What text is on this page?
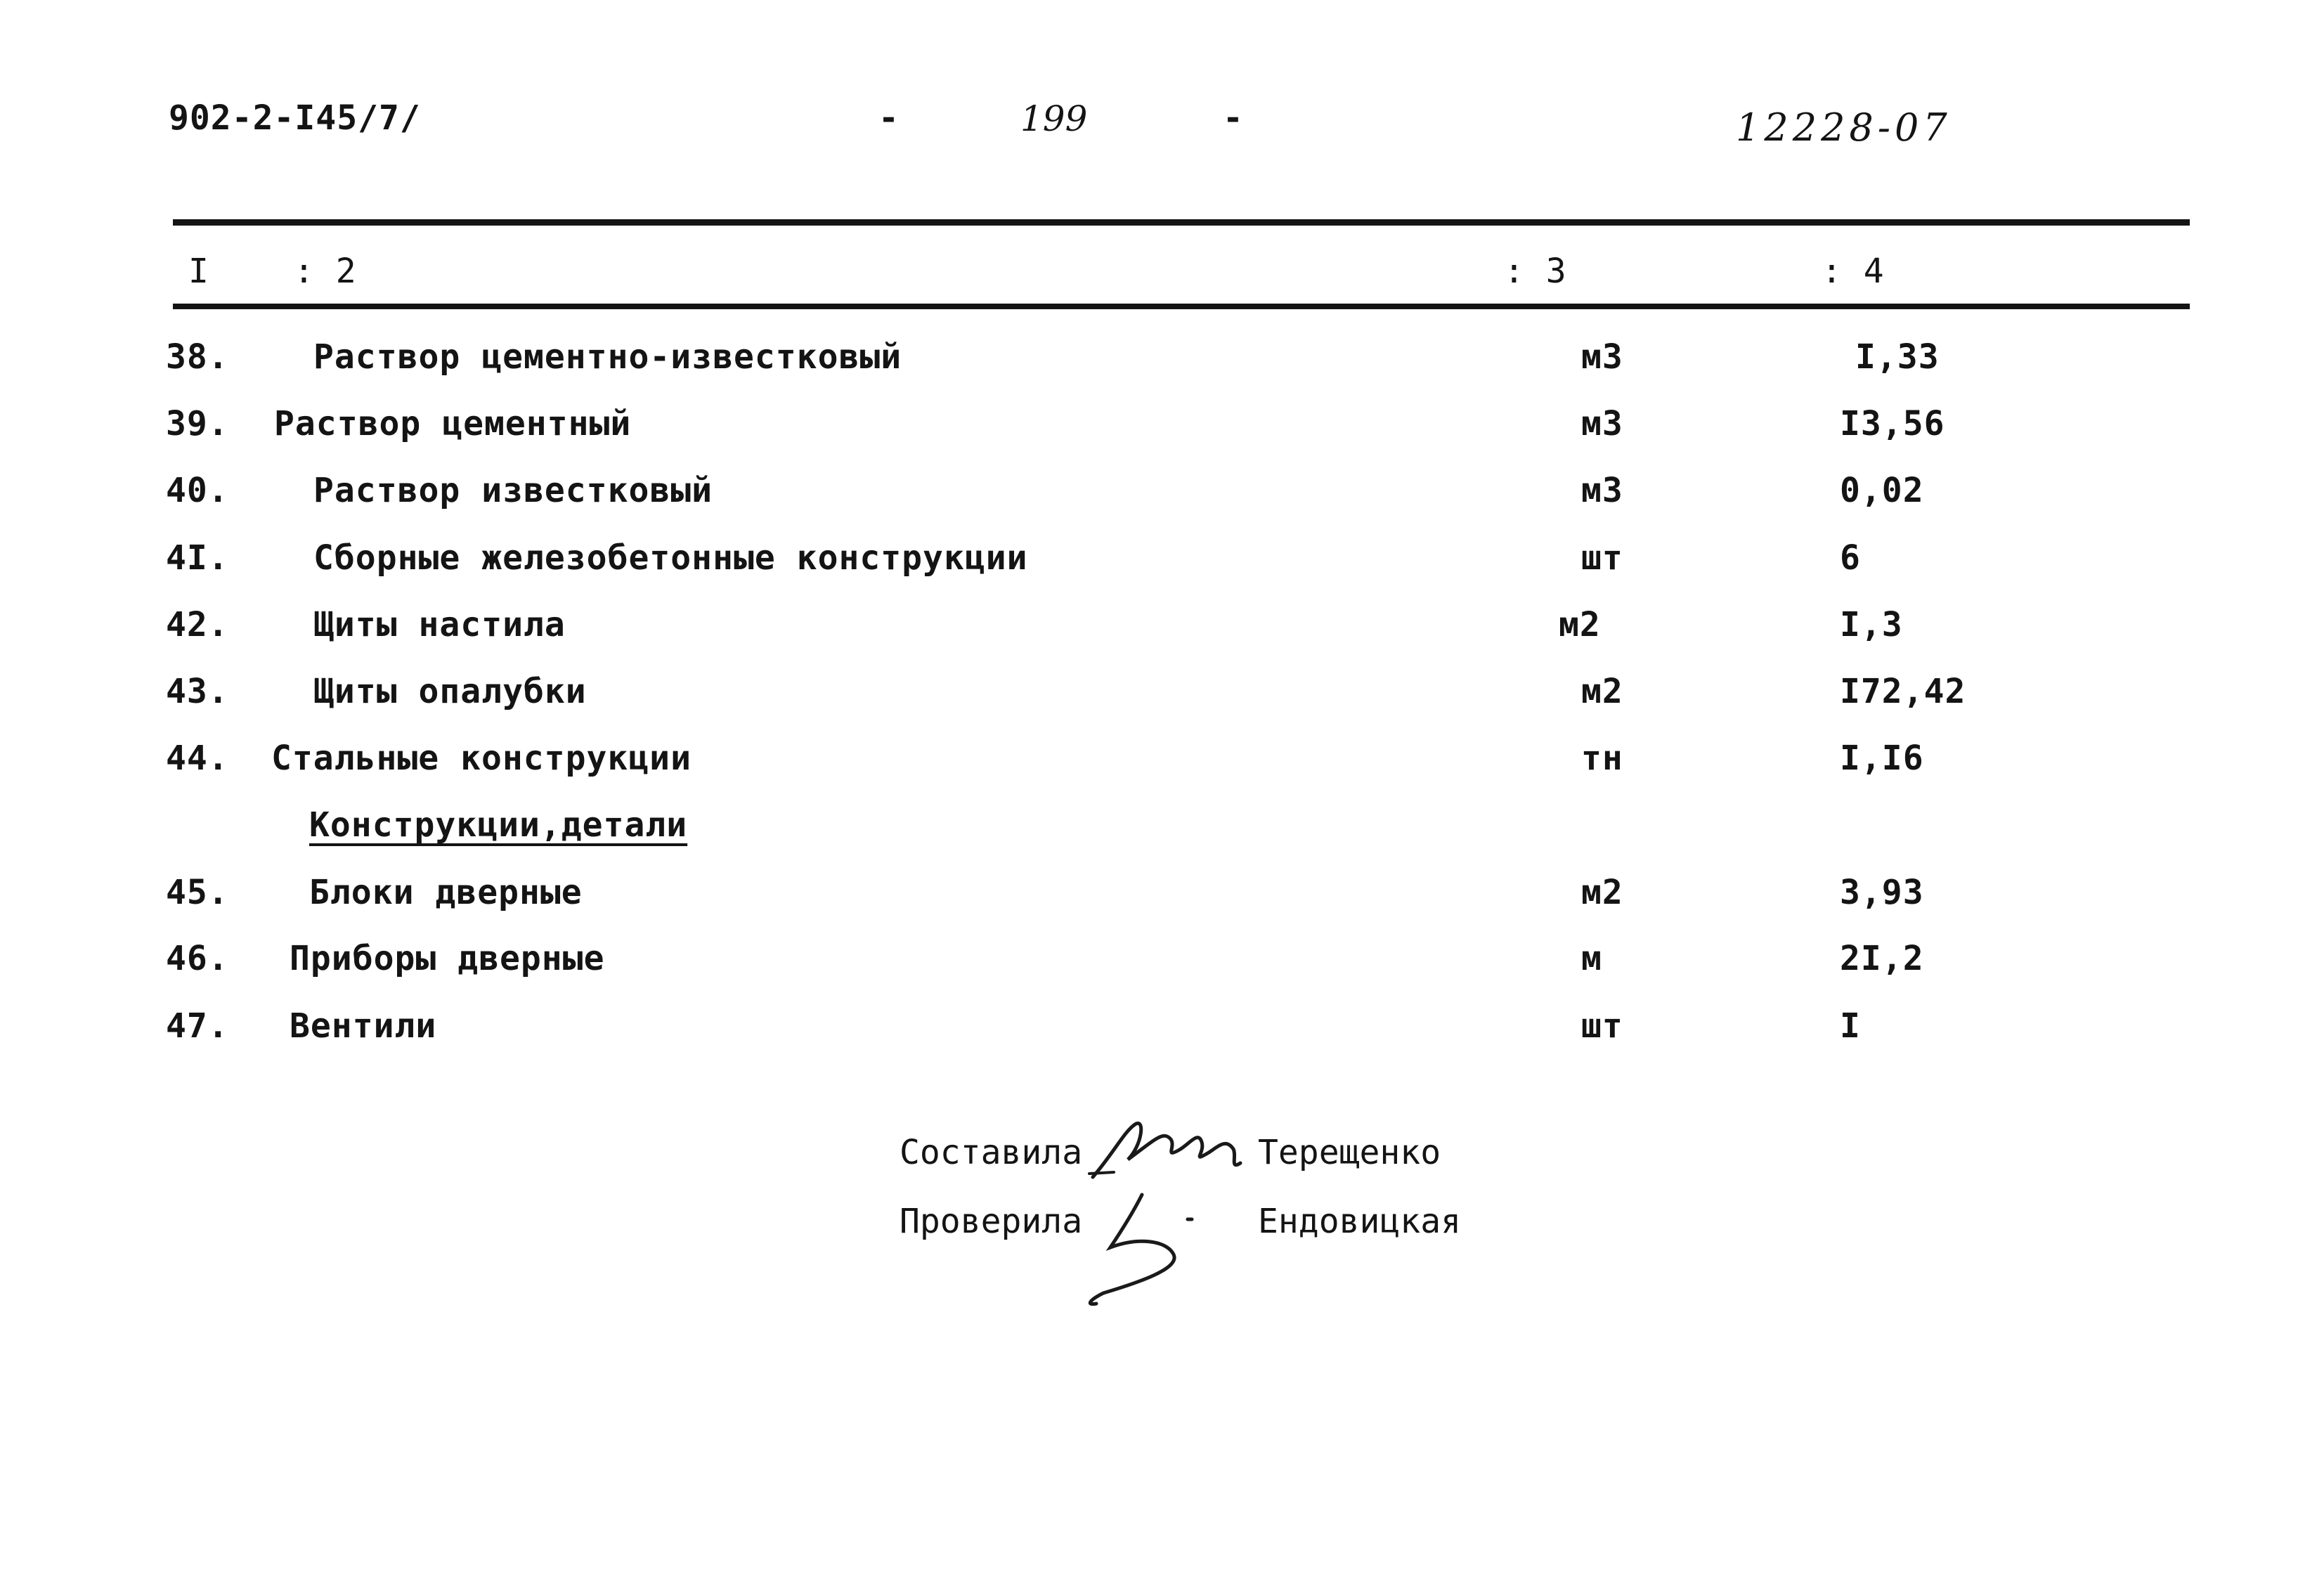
902-2-I45/7/	-	199	-	12228-07
I	: 2	: 3	: 4
38.	Раствор цементно-известковый	м3	I,33
39. Раствор цементный	м3	I3,56
40.	Раствор известковый	м3	0,02
4I.	Сборные железобетонные конструкции	шт	6
42.	Щиты настила	м2	I,3
43.	Щиты опалубки	м2	I72,42
44. Стальные конструкции	тн	I,I6
Конструкции,детали
45. Блоки дверные	м2	3,93
46. Приборы дверные	м	2I,2
47. Вентили	шт	I
Составила	Терещенко
Проверила	Ендовицкая
